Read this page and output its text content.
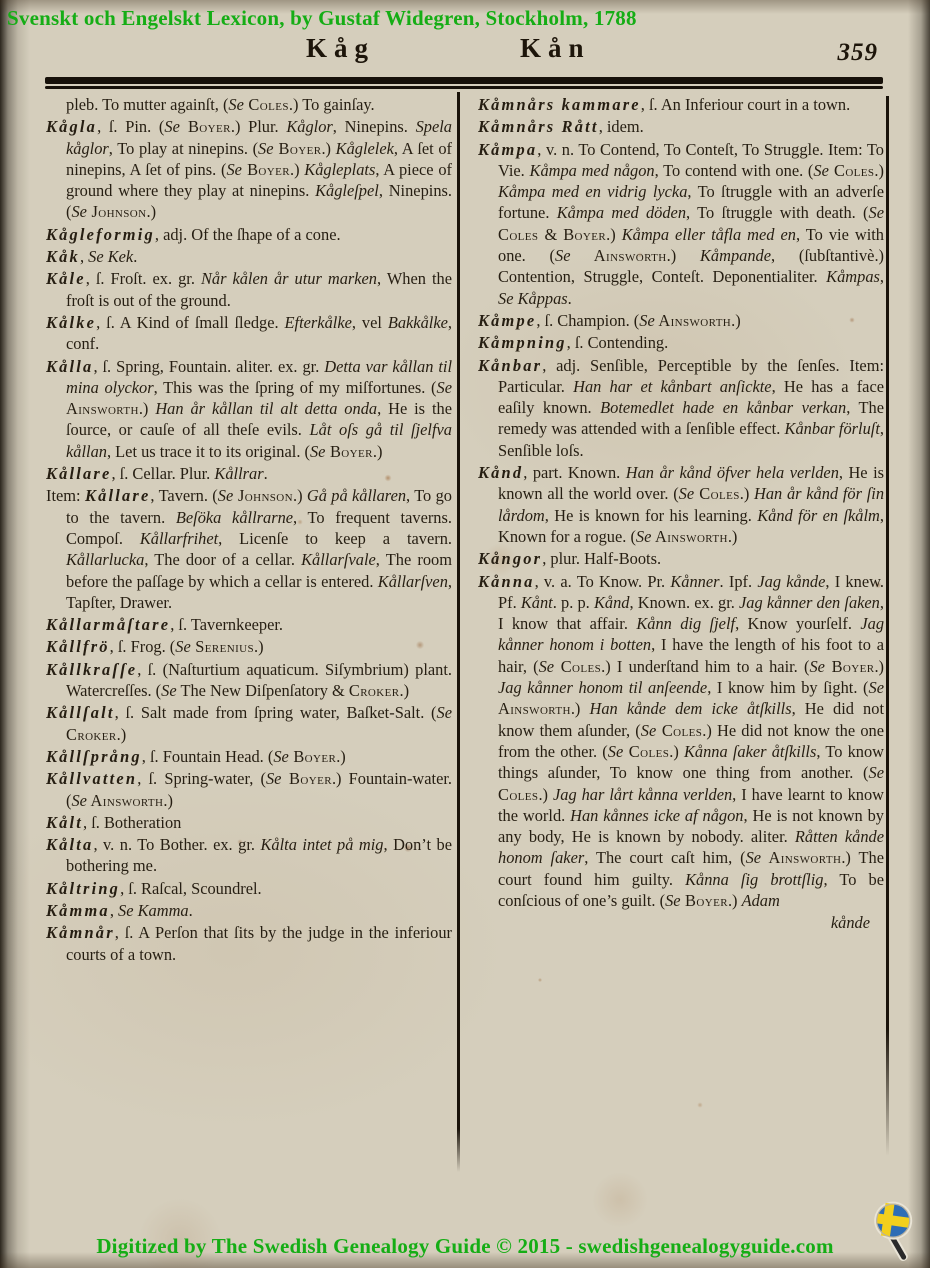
Svenskt och Engelskt Lexicon, by Gustaf Widegren, Stockholm, 1788
Kåg	Kån	359

pleb. To mutter againſt, (Se Coles.) To gainſay.

Kågla, ſ. Pin. (Se Boyer.) Plur. Kåglor, Ninepins. Spela kåglor, To play at ninepins. (Se Boyer.) Kåglelek, A ſet of ninepins, A ſet of pins. (Se Boyer.) Kågleplats, A piece of ground where they play at ninepins. Kågleſpel, Ninepins. (Se Johnson.)

Kågleformig, adj. Of the ſhape of a cone.

Kåk, Se Kek.

Kåle, ſ. Froſt. ex. gr. Når kålen år utur marken, When the froſt is out of the ground.

Kålke, ſ. A Kind of ſmall ſledge. Efterkålke, vel Bakkålke, conf.

Kålla, ſ. Spring, Fountain. aliter. ex. gr. Detta var kållan til mina olyckor, This was the ſpring of my miſfortunes. (Se Ainsworth.) Han år kållan til alt detta onda, He is the ſource, or cauſe of all theſe evils. Låt oſs gå til ſjelfva kållan, Let us trace it to its original. (Se Boyer.)

Kållare, ſ. Cellar. Plur. Kållrar.

Item: Kållare, Tavern. (Se Johnson.) Gå på kållaren, To go to the tavern. Beſöka kållrarne, To frequent taverns. Compoſ. Kållarfrihet, Licenſe to keep a tavern. Kållarlucka, The door of a cellar. Kållarſvale, The room before the paſſage by which a cellar is entered. Kållarſven, Tapſter, Drawer.

Kållarmåſtare, ſ. Tavernkeeper.

Kållfrö, ſ. Frog. (Se Serenius.)

Kållkraſſe, ſ. (Naſturtium aquaticum. Siſymbrium) plant. Watercreſſes. (Se The New Diſpenſatory & Croker.)

Kållſalt, ſ. Salt made from ſpring water, Baſket-Salt. (Se Croker.)

Kållſprång, ſ. Fountain Head. (Se Boyer.)

Kållvatten, ſ. Spring-water, (Se Boyer.) Fountain-water. (Se Ainsworth.)

Kålt, ſ. Botheration

Kålta, v. n. To Bother. ex. gr. Kålta intet på mig, Don’t be bothering me.

Kåltring, ſ. Raſcal, Scoundrel.

Kåmma, Se Kamma.

Kåmnår, ſ. A Perſon that ſits by the judge in the inferiour courts of a town.

Kåmnårs kammare, ſ. An Inferiour court in a town.

Kåmnårs Rått, idem.

Kåmpa, v. n. To Contend, To Conteſt, To Struggle. Item: To Vie. Kåmpa med någon, To contend with one. (Se Coles.) Kåmpa med en vidrig lycka, To ſtruggle with an adverſe fortune. Kåmpa med döden, To ſtruggle with death. (Se Coles & Boyer.) Kåmpa eller tåfla med en, To vie with one. (Se Ainsworth.) Kåmpande, (ſubſtantivè.) Contention, Struggle, Conteſt. Deponentialiter. Kåmpas, Se Kåppas.

Kåmpe, ſ. Champion. (Se Ainsworth.)

Kåmpning, ſ. Contending.

Kånbar, adj. Senſible, Perceptible by the ſenſes. Item: Particular. Han har et kånbart anſickte, He has a face eaſily known. Botemedlet hade en kånbar verkan, The remedy was attended with a ſenſible effect. Kånbar förluſt, Senſible loſs.

Kånd, part. Known. Han år kånd öfver hela verlden, He is known all the world over. (Se Coles.) Han år kånd för ſin lårdom, He is known for his learning. Kånd för en ſkålm, Known for a rogue. (Se Ainsworth.)

Kångor, plur. Half-Boots.

Kånna, v. a. To Know. Pr. Kånner. Ipf. Jag kånde, I knew. Pf. Kånt. p. p. Kånd, Known. ex. gr. Jag kånner den ſaken, I know that affair. Kånn dig ſjelf, Know yourſelf. Jag kånner honom i botten, I have the length of his foot to a hair, (Se Coles.) I underſtand him to a hair. (Se Boyer.) Jag kånner honom til anſeende, I know him by ſight. (Se Ainsworth.) Han kånde dem icke åtſkills, He did not know them aſunder, (Se Coles.) He did not know the one from the other. (Se Coles.) Kånna ſaker åtſkills, To know things aſunder, To know one thing from another. (Se Coles.) Jag har lårt kånna verlden, I have learnt to know the world. Han kånnes icke af någon, He is not known by any body, He is known by nobody. aliter. Råtten kånde honom ſaker, The court caſt him, (Se Ainsworth.) The court found him guilty. Kånna ſig brottſlig, To be conſcious of one’s guilt. (Se Boyer.) Adam

kånde
Digitized by The Swedish Genealogy Guide © 2015 - swedishgenealogyguide.com
